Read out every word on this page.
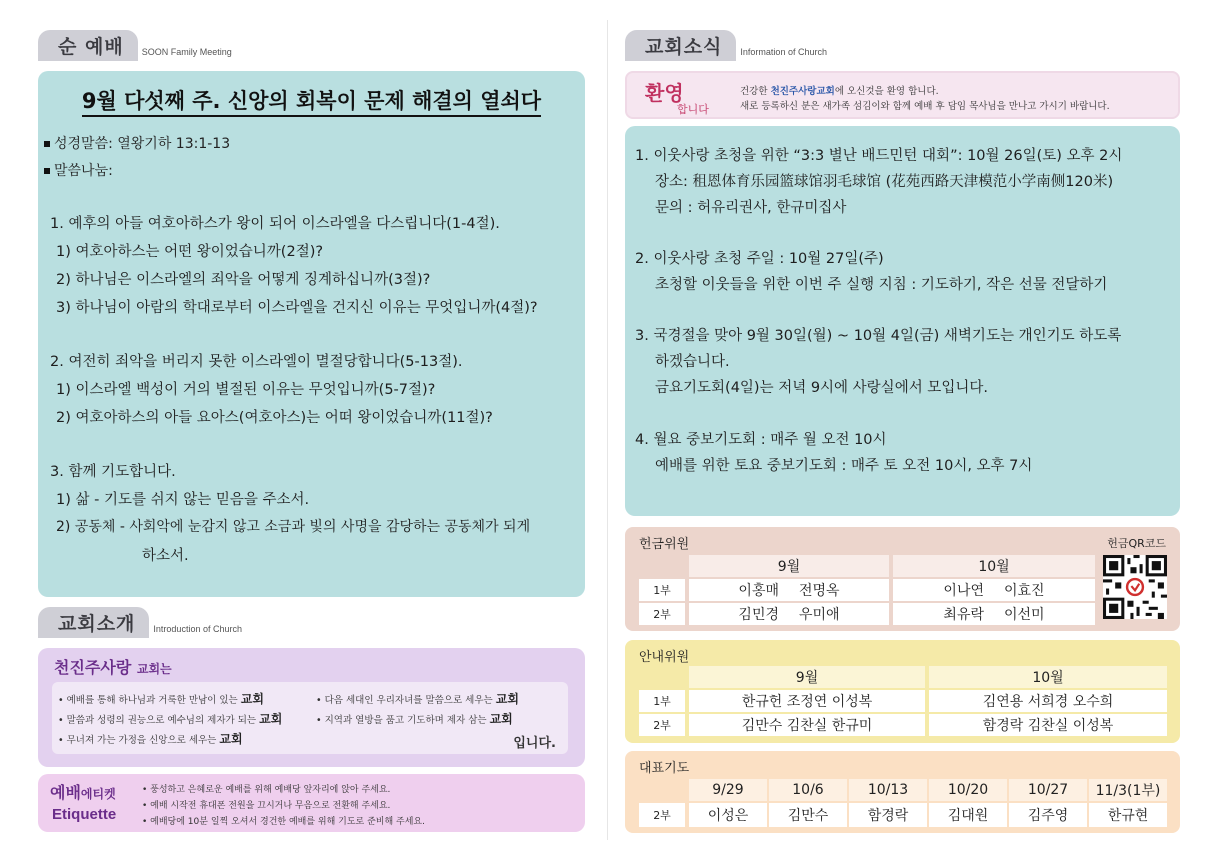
순 예배	SOON Family Meeting
9월 다섯째 주. 신앙의 회복이 문제 해결의 열쇠다
성경말씀: 열왕기하 13:1-13
말씀나눔:
1. 예후의 아들 여호아하스가 왕이 되어 이스라엘을 다스립니다(1-4절).
1) 여호아하스는 어떤 왕이었습니까(2절)?
2) 하나님은 이스라엘의 죄악을 어떻게 징계하십니까(3절)?
3) 하나님이 아람의 학대로부터 이스라엘을 건지신 이유는 무엇입니까(4절)?
2. 여전히 죄악을 버리지 못한 이스라엘이 멸절당합니다(5-13절).
1) 이스라엘 백성이 거의 별절된 이유는 무엇입니까(5-7절)?
2) 여호아하스의 아들 요아스(여호아스)는 어떠 왕이었습니까(11절)?
3. 함께 기도합니다.
1) 삶 - 기도를 쉬지 않는 믿음을 주소서.
2) 공동체 - 사회악에 눈감지 않고 소금과 빛의 사명을 감당하는 공동체가 되게
하소서.
교회소개	Introduction of Church
천진주사랑 교회는
• 예배를 통해 하나님과 거룩한 만남이 있는 교회
• 말씀과 성령의 권능으로 예수님의 제자가 되는 교회
• 무너져 가는 가정을 신앙으로 세우는 교회
• 다음 세대인 우리자녀를 말씀으로 세우는 교회
• 지역과 열방을 품고 기도하며 제자 삼는 교회
입니다.
예배에티켓
Etiquette
• 풍성하고 은혜로운 예배를 위해 예배당 앞자리에 앉아 주세요.
• 예배 시작전 휴대폰 전원을 끄시거나 무음으로 전환해 주세요.
• 예배당에 10분 일찍 오셔서 경건한 예배를 위해 기도로 준비해 주세요.
교회소식	Information of Church
환영
합니다
건강한 천진주사랑교회에 오신것을 환영 합니다.
새로 등록하신 분은 새가족 섬김이와 함께 예배 후 담임 목사님을 만나고 가시기 바랍니다.
1. 이웃사랑 초청을 위한 “3:3 별난 배드민턴 대회”: 10월 26일(토) 오후 2시
장소: 租恩体育乐园篮球馆羽毛球馆 (花苑西路天津模范小学南侧120米)
문의 : 허유리권사, 한규미집사
2. 이웃사랑 초청 주일 : 10월 27일(주)
초청할 이웃들을 위한 이번 주 실행 지침 : 기도하기, 작은 선물 전달하기
3. 국경절을 맞아 9월 30일(월) ~ 10월 4일(금) 새벽기도는 개인기도 하도록
하겠습니다.
금요기도회(4일)는 저녁 9시에 사랑실에서 모입니다.
4. 월요 중보기도회 : 매주 월 오전 10시
예배를 위한 토요 중보기도회 : 매주 토 오전 10시, 오후 7시
헌금위원	헌금QR코드
9월	10월
1부	이홍매 전명옥	이나연 이효진
2부	김민경 우미애	최유락 이선미
안내위원
9월	10월
1부	한규헌 조정연 이성복	김연용 서희경 오수희
2부	김만수 김찬실 한규미	함경락 김찬실 이성복
대표기도
9/29	10/6	10/13	10/20	10/27	11/3(1부)
2부	이성은	김만수	함경락	김대원	김주영	한규현
